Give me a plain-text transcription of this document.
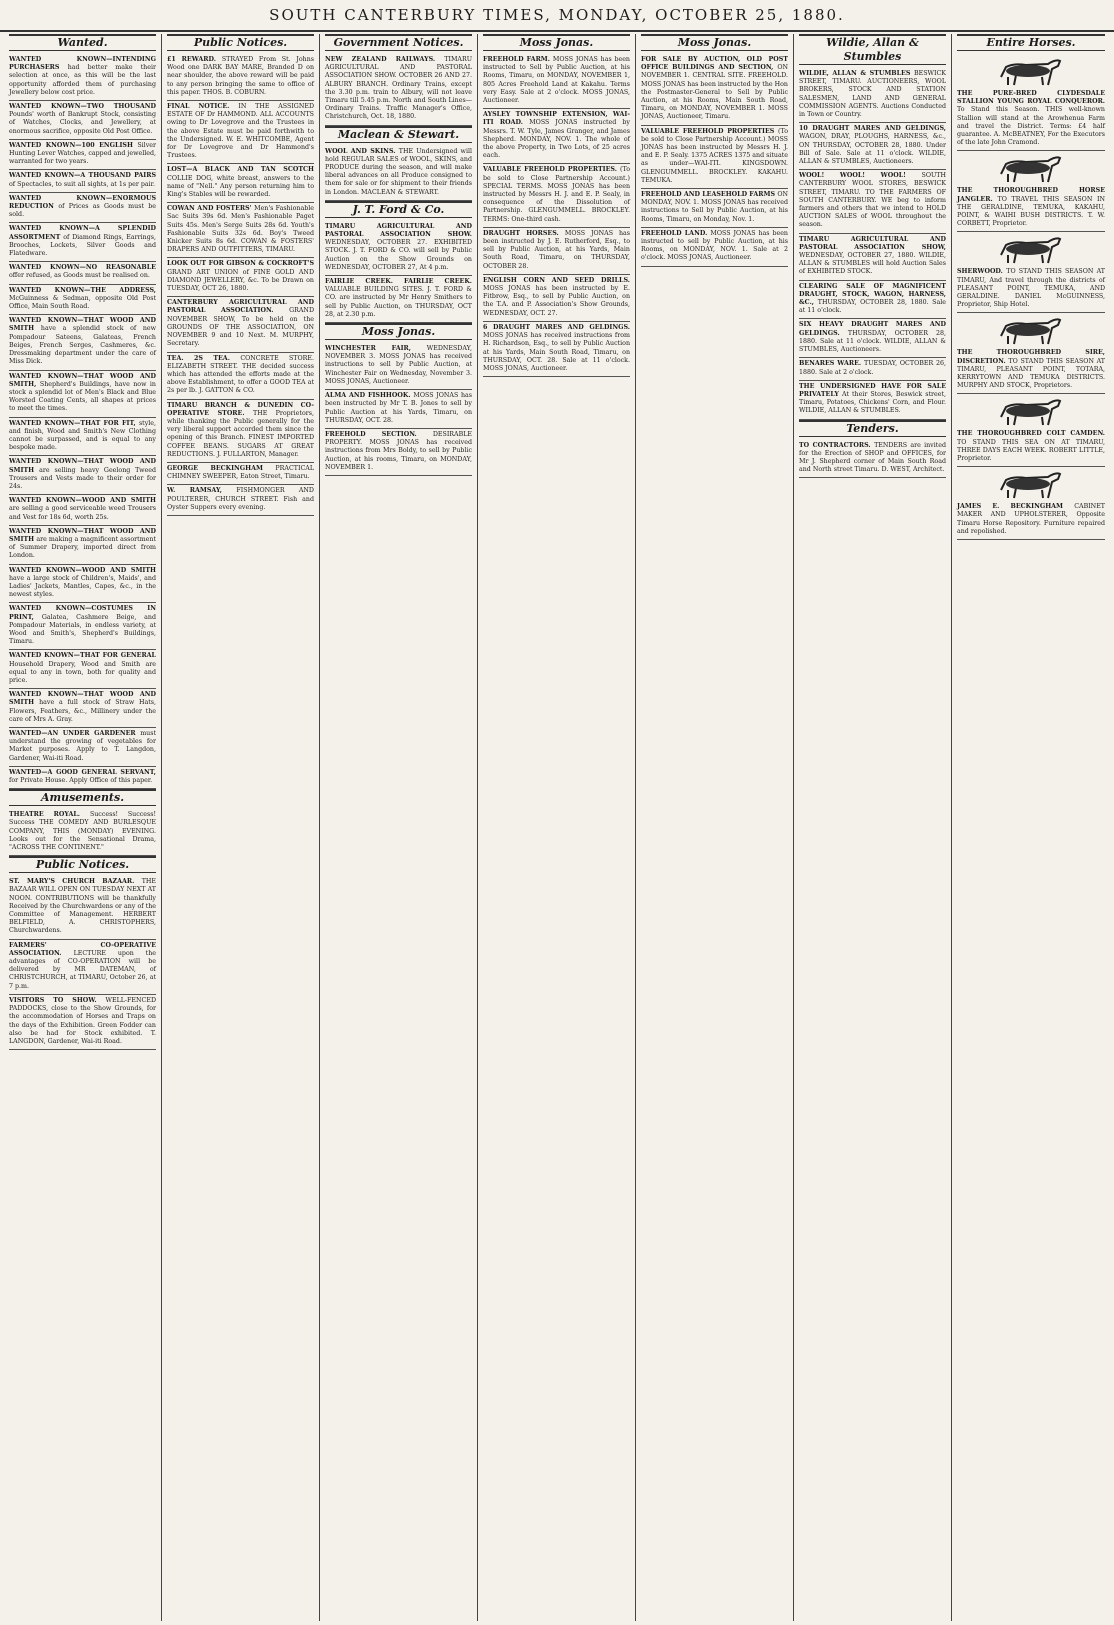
SOUTH CANTERBURY TIMES, MONDAY, OCTOBER 25, 1880.
Wanted.
WANTED KNOWN—INTENDING PURCHASERS had better make their selection at once, as this will be the last opportunity afforded them of purchasing Jewellery below cost price.
WANTED KNOWN—TWO THOUSAND Pounds' worth of Bankrupt Stock, consisting of Watches, Clocks, and Jewellery, at enormous sacrifice, opposite Old Post Office.
WANTED KNOWN—100 ENGLISH Silver Hunting Lever Watches, capped and jewelled, warranted for two years.
WANTED KNOWN—A THOUSAND PAIRS of Spectacles, to suit all sights, at 1s per pair.
WANTED KNOWN—ENORMOUS REDUCTION of Prices as Goods must be sold.
WANTED KNOWN—A SPLENDID ASSORTMENT of Diamond Rings, Earrings, Brooches, Lockets, Silver Goods and Flatedware.
WANTED KNOWN—NO REASONABLE offer refused, as Goods must be realised on.
WANTED KNOWN—THE ADDRESS, McGuinness & Sedman, opposite Old Post Office, Main South Road.
WANTED KNOWN—THAT WOOD AND SMITH have a splendid stock of new Pompadour Sateens, Galateas, French Beiges, French Serges, Cashmeres, &c. Dressmaking department under the care of Miss Dick.
WANTED KNOWN—THAT WOOD AND SMITH, Shepherd's Buildings, have now in stock a splendid lot of Men's Black and Blue Worsted Coating Cents, all shapes at prices to meet the times.
WANTED KNOWN—THAT FOR FIT, style, and finish, Wood and Smith's New Clothing cannot be surpassed, and is equal to any bespoke made.
WANTED KNOWN—THAT WOOD AND SMITH are selling heavy Geelong Tweed Trousers and Vests made to their order for 24s.
WANTED KNOWN—WOOD AND SMITH are selling a good serviceable weed Trousers and Vest for 18s 6d, worth 25s.
WANTED KNOWN—THAT WOOD AND SMITH are making a magnificent assortment of Summer Drapery, imported direct from London.
WANTED KNOWN—WOOD AND SMITH have a large stock of Children's, Maids', and Ladies' Jackets, Mantles, Capes, &c., in the newest styles.
WANTED KNOWN—COSTUMES IN PRINT, Galatea, Cashmere Beige, and Pompadour Materials, in endless variety, at Wood and Smith's, Shepherd's Buildings, Timaru.
WANTED KNOWN—THAT FOR GENERAL Household Drapery, Wood and Smith are equal to any in town, both for quality and price.
WANTED KNOWN—THAT WOOD AND SMITH have a full stock of Straw Hats, Flowers, Feathers, &c., Millinery under the care of Mrs A. Gray.
WANTED—AN UNDER GARDENER must understand the growing of vegetables for Market purposes. Apply to T. Langdon, Gardener, Wai-iti Road.
WANTED—A GOOD GENERAL SERVANT, for Private House. Apply Office of this paper.
Amusements.
THEATRE ROYAL. Success! Success! Success THE COMEDY AND BURLESQUE COMPANY, THIS (MONDAY) EVENING. Looks out for the Sensational Drama, "ACROSS THE CONTINENT."
Public Notices.
ST. MARY'S CHURCH BAZAAR. THE BAZAAR WILL OPEN ON TUESDAY NEXT AT NOON. CONTRIBUTIONS will be thankfully Received by the Churchwardens or any of the Committee of Management. HERBERT BELFIELD, A. CHRISTOPHERS, Churchwardens.
FARMERS' CO-OPERATIVE ASSOCIATION. LECTURE upon the advantages of CO-OPERATION will be delivered by MR DATEMAN, of CHRISTCHURCH, at TIMARU, October 26, at 7 p.m.
VISITORS TO SHOW. WELL-FENCED PADDOCKS, close to the Show Grounds, for the accommodation of Horses and Traps on the days of the Exhibition. Green Fodder can also be had for Stock exhibited. T. LANGDON, Gardener, Wai-iti Road.
Public Notices.
£1 REWARD. STRAYED From St. Johns Wood one DARK BAY MARE, Branded D on near shoulder, the above reward will be paid to any person bringing the same to office of this paper. THOS. B. COBURN.
FINAL NOTICE. IN THE ASSIGNED ESTATE OF Dr HAMMOND. ALL ACCOUNTS owing to Dr Lovegrove and the Trustees in the above Estate must be paid forthwith to the Undersigned. W. E. WHITCOMBE, Agent for Dr Lovegrove and Dr Hammond's Trustees.
LOST—A BLACK AND TAN SCOTCH COLLIE DOG, white breast, answers to the name of "Nell." Any person returning him to King's Stables will be rewarded.
COWAN AND FOSTERS' Men's Fashionable Sac Suits 39s 6d. Men's Fashionable Paget Suits 45s. Men's Serge Suits 28s 6d. Youth's Fashionable Suits 32s 6d. Boy's Tweed Knicker Suits 8s 6d. COWAN & FOSTERS' DRAPERS AND OUTFITTERS, TIMARU.
LOOK OUT FOR GIBSON & COCKROFT'S GRAND ART UNION of FINE GOLD AND DIAMOND JEWELLERY, &c. To be Drawn on TUESDAY, OCT 26, 1880.
CANTERBURY AGRICULTURAL AND PASTORAL ASSOCIATION. GRAND NOVEMBER SHOW, To be held on the GROUNDS OF THE ASSOCIATION, ON NOVEMBER 9 and 10 Next. M. MURPHY, Secretary.
TEA. 2S TEA. CONCRETE STORE. ELIZABETH STREET. THE decided success which has attended the efforts made at the above Establishment, to offer a GOOD TEA at 2s per lb. J. GATTON & CO.
TIMARU BRANCH & DUNEDIN CO-OPERATIVE STORE. THE Proprietors, while thanking the Public generally for the very liberal support accorded them since the opening of this Branch. FINEST IMPORTED COFFEE BEANS. SUGARS AT GREAT REDUCTIONS. J. FULLARTON, Manager.
GEORGE BECKINGHAM PRACTICAL CHIMNEY SWEEPER, Eaton Street, Timaru.
W. RAMSAY, FISHMONGER AND POULTERER, CHURCH STREET. Fish and Oyster Suppers every evening.
Government Notices.
NEW ZEALAND RAILWAYS. TIMARU AGRICULTURAL AND PASTORAL ASSOCIATION SHOW. OCTOBER 26 AND 27. ALBURY BRANCH. Ordinary Trains, except the 3.30 p.m. train to Albury, will not leave Timaru till 5.45 p.m. North and South Lines—Ordinary Trains. Traffic Manager's Office, Christchurch, Oct. 18, 1880.
Maclean & Stewart.
WOOL AND SKINS. THE Undersigned will hold REGULAR SALES of WOOL, SKINS, and PRODUCE during the season, and will make liberal advances on all Produce consigned to them for sale or for shipment to their friends in London. MACLEAN & STEWART.
J. T. Ford & Co.
TIMARU AGRICULTURAL AND PASTORAL ASSOCIATION SHOW. WEDNESDAY, OCTOBER 27. EXHIBITED STOCK. J. T. FORD & CO. will sell by Public Auction on the Show Grounds on WEDNESDAY, OCTOBER 27, At 4 p.m.
FAIRLIE CREEK. FAIRLIE CREEK. VALUABLE BUILDING SITES. J. T. FORD & CO. are instructed by Mr Henry Smithers to sell by Public Auction, on THURSDAY, OCT 28, at 2.30 p.m.
Moss Jonas.
WINCHESTER FAIR, WEDNESDAY, NOVEMBER 3. MOSS JONAS has received instructions to sell by Public Auction, at Winchester Fair on Wednesday, November 3. MOSS JONAS, Auctioneer.
ALMA AND FISHHOOK. MOSS JONAS has been instructed by Mr T. B. Jones to sell by Public Auction at his Yards, Timaru, on THURSDAY, OCT. 28.
FREEHOLD SECTION. DESIRABLE PROPERTY. MOSS JONAS has received instructions from Mrs Boldy, to sell by Public Auction, at his rooms, Timaru, on MONDAY, NOVEMBER 1.
Moss Jonas.
FREEHOLD FARM. MOSS JONAS has been instructed to Sell by Public Auction, at his Rooms, Timaru, on MONDAY, NOVEMBER 1, 805 Acres Freehold Land at Kakahu. Terms very Easy. Sale at 2 o'clock. MOSS JONAS, Auctioneer.
AYSLEY TOWNSHIP EXTENSION, WAI-ITI ROAD. MOSS JONAS instructed by Messrs. T. W. Tyle, James Granger, and James Shepherd. MONDAY, NOV. 1. The whole of the above Property, in Two Lots, of 25 acres each.
VALUABLE FREEHOLD PROPERTIES. (To be sold to Close Partnership Account.) SPECIAL TERMS. MOSS JONAS has been instructed by Messrs H. J. and E. P. Sealy, in consequence of the Dissolution of Partnership. GLENGUMMELL. BROCKLEY. TERMS: One-third cash.
DRAUGHT HORSES. MOSS JONAS has been instructed by J. E. Rutherford, Esq., to sell by Public Auction, at his Yards, Main South Road, Timaru, on THURSDAY, OCTOBER 28.
ENGLISH CORN AND SEED DRILLS. MOSS JONAS has been instructed by E. Fitbrow, Esq., to sell by Public Auction, on the T.A. and P. Association's Show Grounds, WEDNESDAY, OCT. 27.
6 DRAUGHT MARES AND GELDINGS. MOSS JONAS has received instructions from H. Richardson, Esq., to sell by Public Auction at his Yards, Main South Road, Timaru, on THURSDAY, OCT. 28. Sale at 11 o'clock. MOSS JONAS, Auctioneer.
Moss Jonas.
FOR SALE BY AUCTION, OLD POST OFFICE BUILDINGS AND SECTION, ON NOVEMBER 1. CENTRAL SITE. FREEHOLD. MOSS JONAS has been instructed by the Hon the Postmaster-General to Sell by Public Auction, at his Rooms, Main South Road, Timaru, on MONDAY, NOVEMBER 1. MOSS JONAS, Auctioneer, Timaru.
VALUABLE FREEHOLD PROPERTIES (To be sold to Close Partnership Account.) MOSS JONAS has been instructed by Messrs H. J. and E. P. Sealy. 1375 ACRES 1375 and situate as under—WAI-ITI. KINGSDOWN. GLENGUMMELL. BROCKLEY. KAKAHU. TEMUKA.
FREEHOLD AND LEASEHOLD FARMS ON MONDAY, NOV. 1. MOSS JONAS has received instructions to Sell by Public Auction, at his Rooms, Timaru, on Monday, Nov. 1.
FREEHOLD LAND. MOSS JONAS has been instructed to sell by Public Auction, at his Rooms, on MONDAY, NOV. 1. Sale at 2 o'clock. MOSS JONAS, Auctioneer.
Wildie, Allan & Stumbles
WILDIE, ALLAN & STUMBLES BESWICK STREET, TIMARU. AUCTIONEERS, WOOL BROKERS, STOCK AND STATION SALESMEN, LAND AND GENERAL COMMISSION AGENTS. Auctions Conducted in Town or Country.
10 DRAUGHT MARES AND GELDINGS, WAGON, DRAY, PLOUGHS, HARNESS, &c., ON THURSDAY, OCTOBER 28, 1880. Under Bill of Sale. Sale at 11 o'clock. WILDIE, ALLAN & STUMBLES, Auctioneers.
WOOL! WOOL! WOOL! SOUTH CANTERBURY WOOL STORES, BESWICK STREET, TIMARU. TO THE FARMERS OF SOUTH CANTERBURY. WE beg to inform farmers and others that we intend to HOLD AUCTION SALES of WOOL throughout the season.
TIMARU AGRICULTURAL AND PASTORAL ASSOCIATION SHOW, WEDNESDAY, OCTOBER 27, 1880. WILDIE, ALLAN & STUMBLES will hold Auction Sales of EXHIBITED STOCK.
CLEARING SALE OF MAGNIFICENT DRAUGHT, STOCK, WAGON, HARNESS, &C., THURSDAY, OCTOBER 28, 1880. Sale at 11 o'clock.
SIX HEAVY DRAUGHT MARES AND GELDINGS. THURSDAY, OCTOBER 28, 1880. Sale at 11 o'clock. WILDIE, ALLAN & STUMBLES, Auctioneers.
BENARES WARE. TUESDAY, OCTOBER 26, 1880. Sale at 2 o'clock.
THE UNDERSIGNED HAVE FOR SALE PRIVATELY At their Stores, Beswick street, Timaru, Potatoes, Chickens' Corn, and Flour. WILDIE, ALLAN & STUMBLES.
Tenders.
TO CONTRACTORS. TENDERS are invited for the Erection of SHOP and OFFICES, for Mr J. Shepherd corner of Main South Road and North street Timaru. D. WEST, Architect.
Entire Horses.
THE PURE-BRED CLYDESDALE STALLION YOUNG ROYAL CONQUEROR. To Stand this Season. THIS well-known Stallion will stand at the Arowhenua Farm and travel the District. Terms: £4 half guarantee. A. McBEATNEY, For the Executors of the late John Cramond.
THE THOROUGHBRED HORSE JANGLER. TO TRAVEL THIS SEASON IN THE GERALDINE, TEMUKA, KAKAHU, POINT, & WAIHI BUSH DISTRICTS. T. W. CORBETT, Proprietor.
SHERWOOD. TO STAND THIS SEASON AT TIMARU, And travel through the districts of PLEASANT POINT, TEMUKA, AND GERALDINE. DANIEL McGUINNESS, Proprietor, Ship Hotel.
THE THOROUGHBRED SIRE, DISCRETION. TO STAND THIS SEASON AT TIMARU, PLEASANT POINT, TOTARA, KERRYTOWN AND TEMUKA DISTRICTS. MURPHY AND STOCK, Proprietors.
THE THOROUGHBRED COLT CAMDEN. TO STAND THIS SEA ON AT TIMARU, THREE DAYS EACH WEEK. ROBERT LITTLE, Proprietor.
JAMES E. BECKINGHAM CABINET MAKER AND UPHOLSTERER, Opposite Timaru Horse Repository. Furniture repaired and repolished.
